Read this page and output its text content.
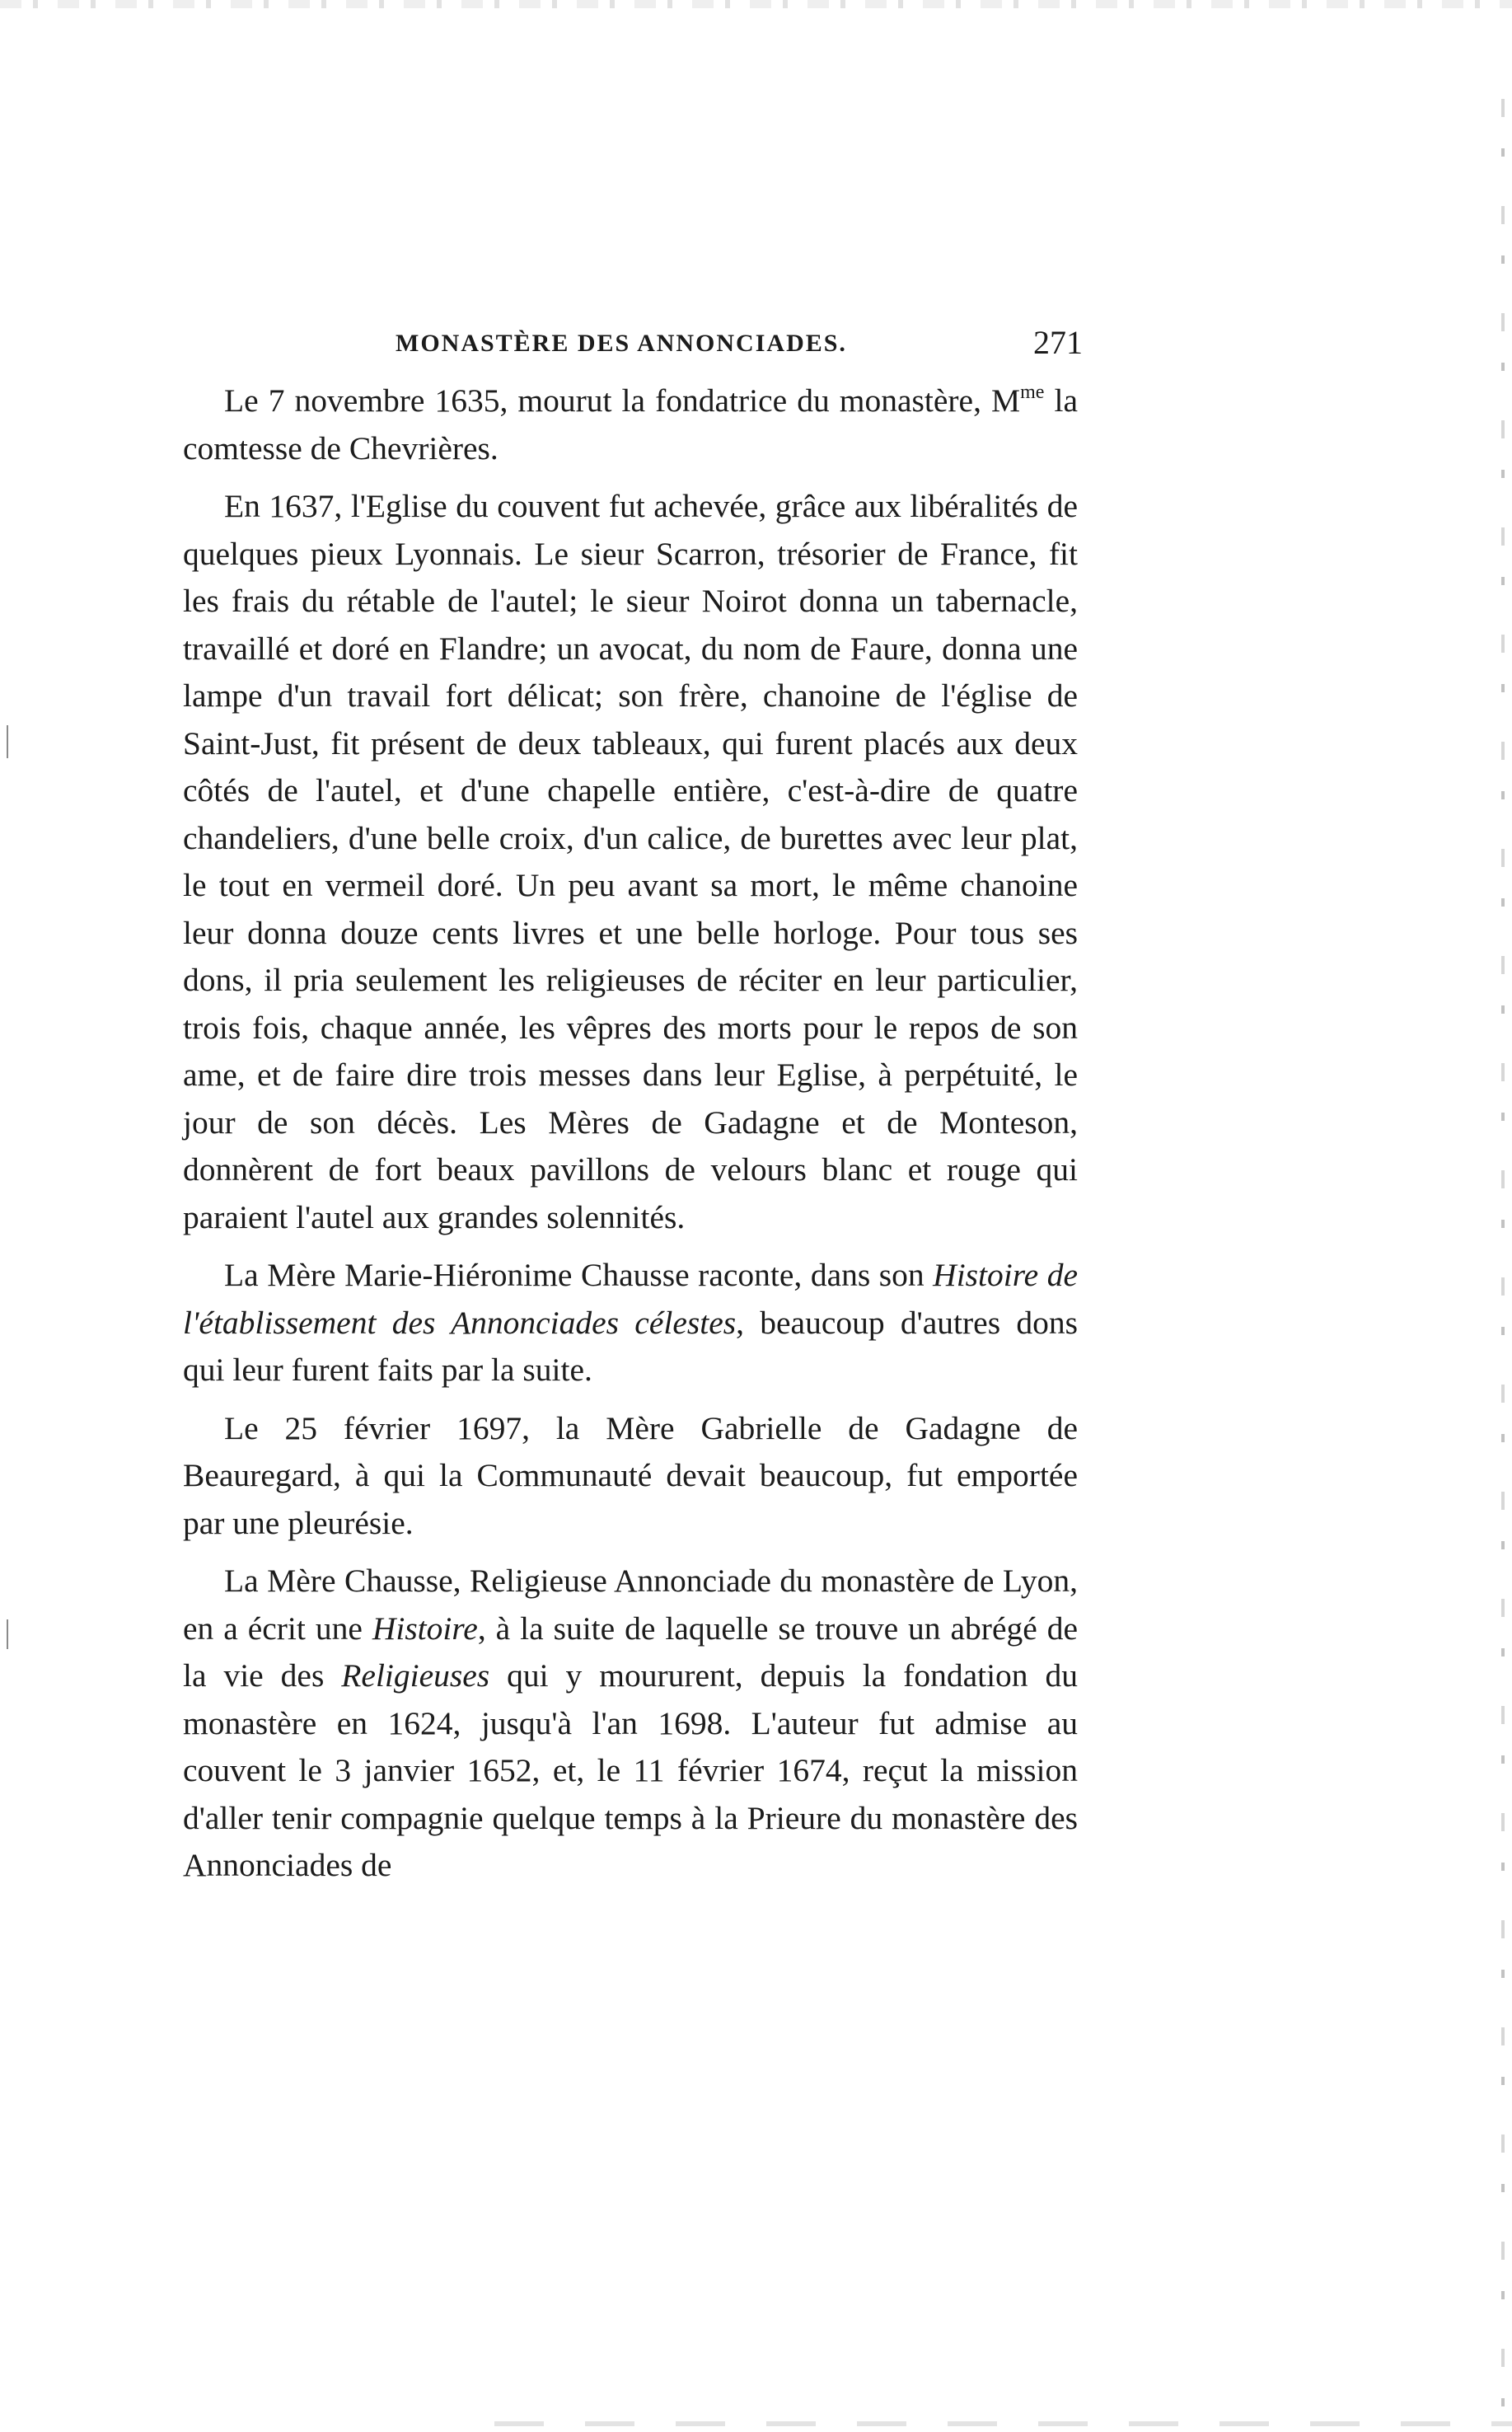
MONASTÈRE DES ANNONCIADES.	271

Le 7 novembre 1635, mourut la fondatrice du monastère, $M^{me}$ la comtesse de Chevrières.

En 1637, l'Eglise du couvent fut achevée, grâce aux libéralités de quelques pieux Lyonnais. Le sieur Scarron, trésorier de France, fit les frais du rétable de l'autel; le sieur Noirot donna un tabernacle, travaillé et doré en Flandre; un avocat, du nom de Faure, donna une lampe d'un travail fort délicat; son frère, chanoine de l'église de Saint-Just, fit présent de deux tableaux, qui furent placés aux deux côtés de l'autel, et d'une chapelle entière, c'est-à-dire de quatre chandeliers, d'une belle croix, d'un calice, de burettes avec leur plat, le tout en vermeil doré. Un peu avant sa mort, le même chanoine leur donna douze cents livres et une belle horloge. Pour tous ses dons, il pria seulement les religieuses de réciter en leur particulier, trois fois, chaque année, les vêpres des morts pour le repos de son ame, et de faire dire trois messes dans leur Eglise, à perpétuité, le jour de son décès. Les Mères de Gadagne et de Monteson, donnèrent de fort beaux pavillons de velours blanc et rouge qui paraient l'autel aux grandes solennités.

La Mère Marie-Hiéronime Chausse raconte, dans son Histoire de l'établissement des Annonciades célestes, beaucoup d'autres dons qui leur furent faits par la suite.

Le 25 février 1697, la Mère Gabrielle de Gadagne de Beauregard, à qui la Communauté devait beaucoup, fut emportée par une pleurésie.

La Mère Chausse, Religieuse Annonciade du monastère de Lyon, en a écrit une Histoire, à la suite de laquelle se trouve un abrégé de la vie des Religieuses qui y moururent, depuis la fondation du monastère en 1624, jusqu'à l'an 1698. L'auteur fut admise au couvent le 3 janvier 1652, et, le 11 février 1674, reçut la mission d'aller tenir compagnie quelque temps à la Prieure du monastère des Annonciades de
